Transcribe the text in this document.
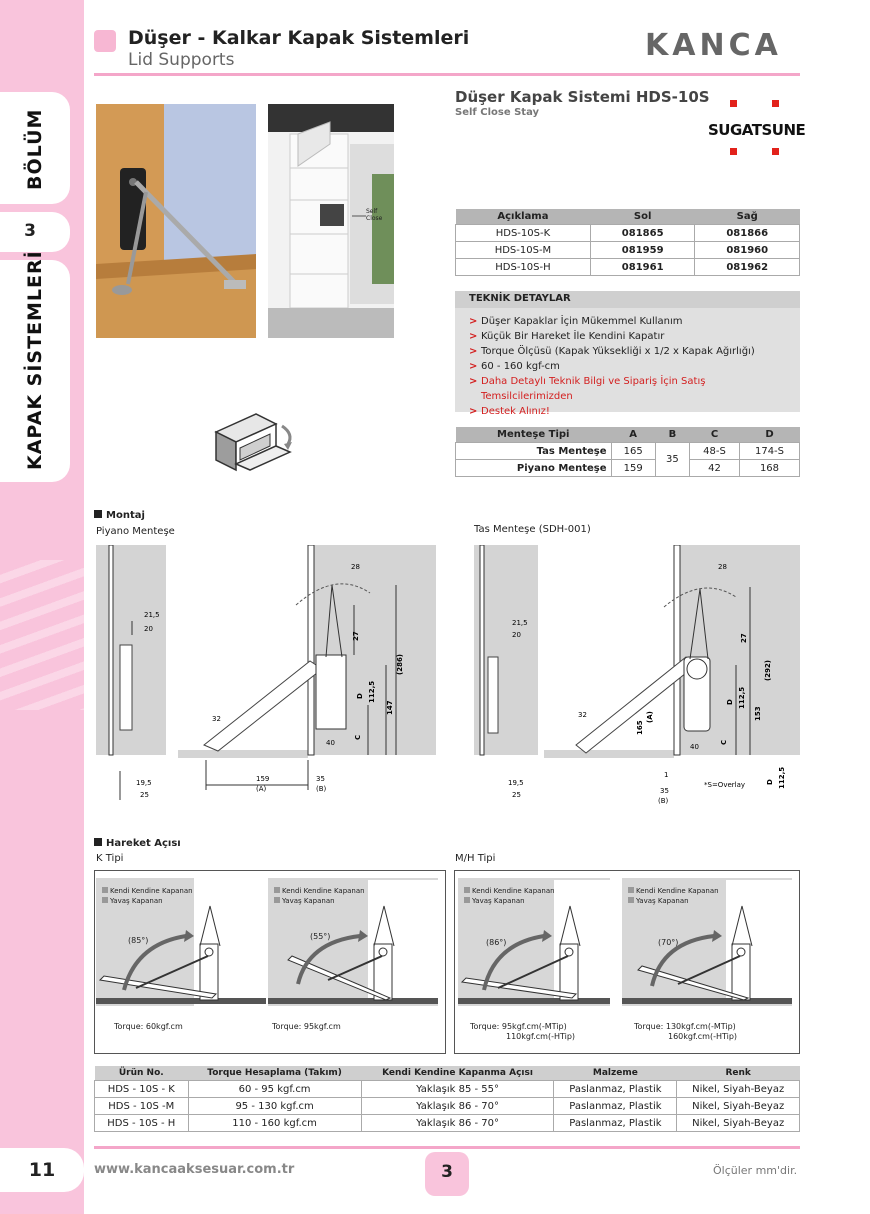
BÖLÜM
3
KAPAK SİSTEMLERİ
Düşer - Kalkar Kapak Sistemleri
Lid Supports	KANCA
Self Close
Düşer Kapak Sistemi HDS-10S
Self Close Stay
SUGATSUNE
Açıklama	Sol	Sağ
HDS-10S-K	081865	081866
HDS-10S-M	081959	081960
HDS-10S-H	081961	081962
TEKNİK DETAYLAR
> Düşer Kapaklar İçin Mükemmel Kullanım
> Küçük Bir Hareket İle Kendini Kapatır
> Torque Ölçüsü (Kapak Yüksekliği x 1/2 x Kapak Ağırlığı)
> 60 - 160 kgf-cm
> Daha Detaylı Teknik Bilgi ve Sipariş İçin Satış Temsilcilerimizden
> Destek Alınız!
Menteşe Tipi	A	B	C	D
Tas Menteşe	165	35	48-S	174-S
Piyano Menteşe	159		42	168
Montaj
Piyano Menteşe	Tas Menteşe (SDH-001)
28
21,5
20
27
(286)
D 112,5
147
32
C
40
19,5
25
159
(A)
35
(B)
28
21,5
20	27
(292)
D 112,5
153
165
(A)
32
C
40
19,5
25
1
35
(B)
*S=Overlay	D 112,5
Hareket Açısı
K Tipi	M/H Tipi
Kendi Kendine Kapanan
Yavaş Kapanan
Kendi Kendine Kapanan
Yavaş Kapanan
Kendi Kendine Kapanan
Yavaş Kapanan
Kendi Kendine Kapanan
Yavaş Kapanan
(85°)	(55°)
(86°)	(70°)
Torque: 60kgf.cm	Torque: 95kgf.cm	Torque: 95kgf.cm(-MTip)
110kgf.cm(-HTip)
Torque: 130kgf.cm(-MTip)
160kgf.cm(-HTip)
Ürün No.	Torque Hesaplama (Takım)	Kendi Kendine Kapanma Açısı	Malzeme	Renk
HDS - 10S - K	60 - 95 kgf.cm	Yaklaşık 85 - 55°	Paslanmaz, Plastik	Nikel, Siyah-Beyaz
HDS - 10S -M	95 - 130 kgf.cm	Yaklaşık 86 - 70°	Paslanmaz, Plastik	Nikel, Siyah-Beyaz
HDS - 10S - H	110 - 160 kgf.cm	Yaklaşık 86 - 70°	Paslanmaz, Plastik	Nikel, Siyah-Beyaz
11	www.kancaaksesuar.com.tr	3	Ölçüler mm'dir.
